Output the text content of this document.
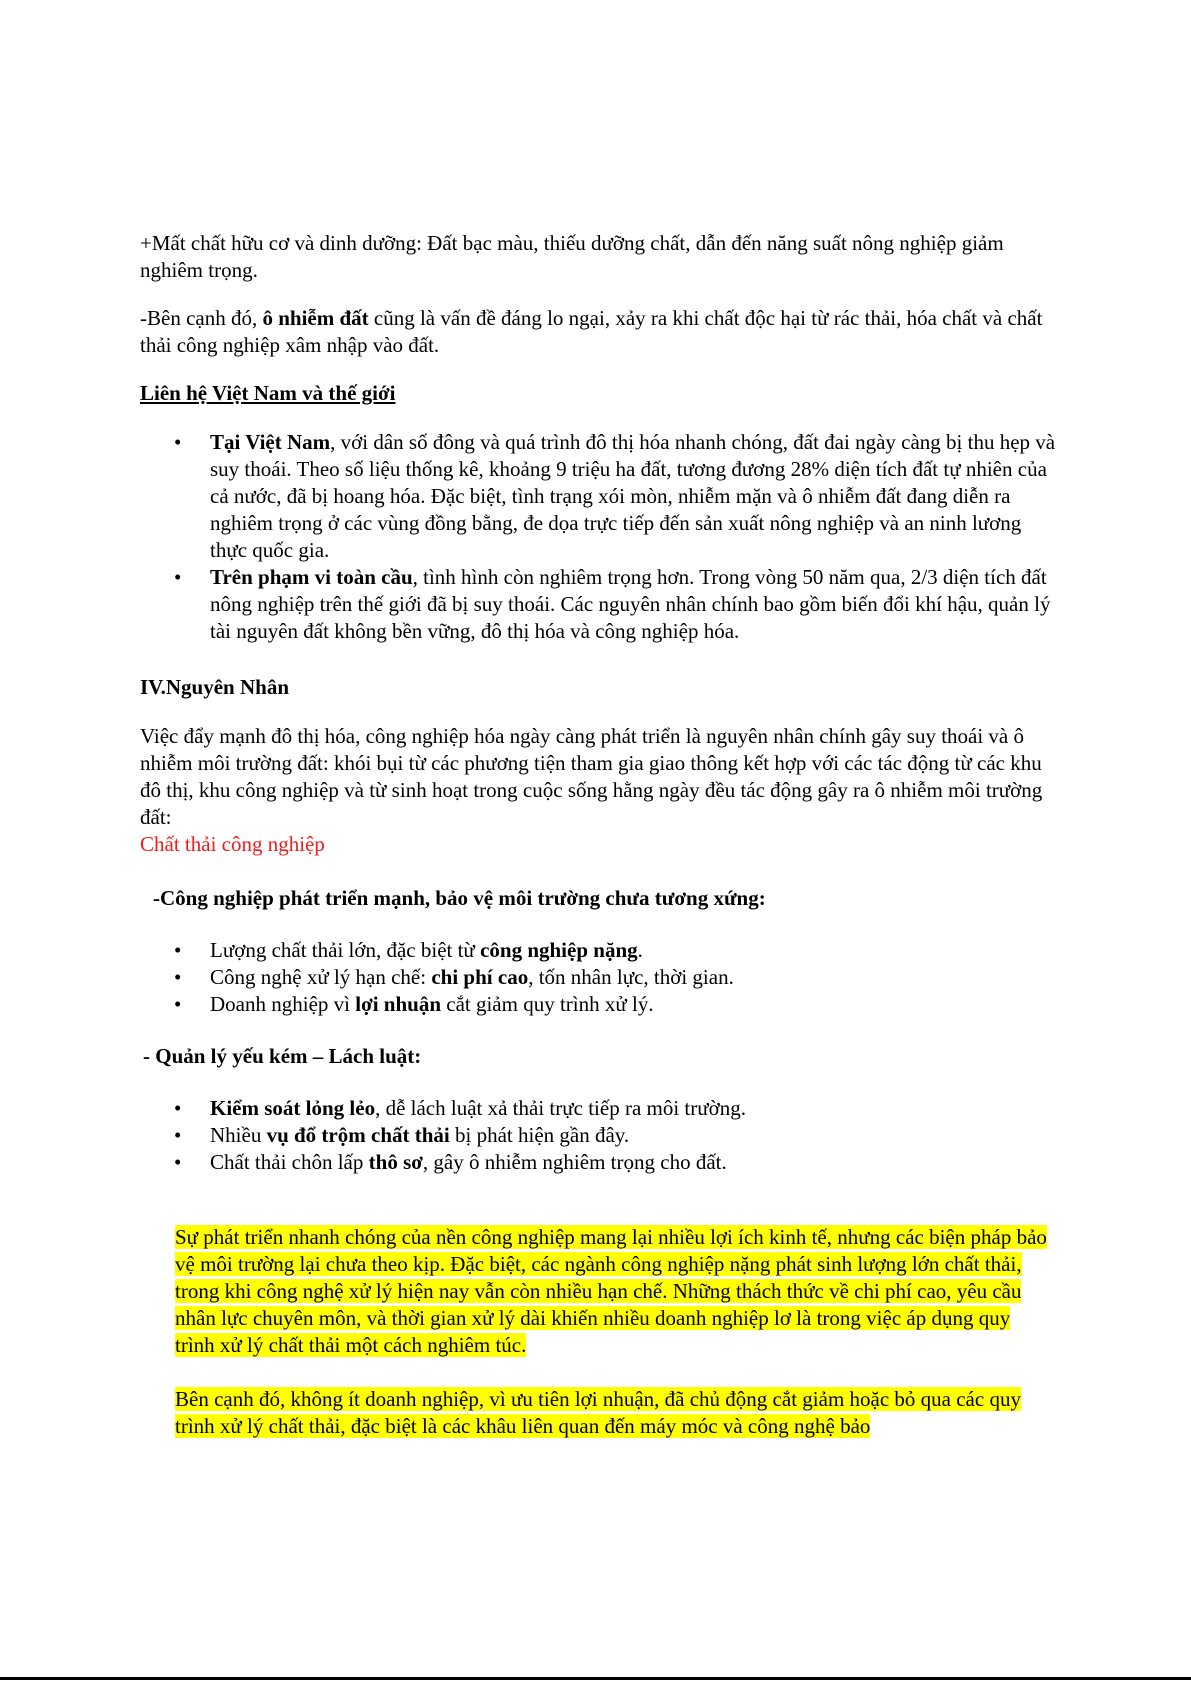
+Mất chất hữu cơ và dinh dưỡng: Đất bạc màu, thiếu dưỡng chất, dẫn đến năng suất nông nghiệp giảm nghiêm trọng.

-Bên cạnh đó, ô nhiễm đất cũng là vấn đề đáng lo ngại, xảy ra khi chất độc hại từ rác thải, hóa chất và chất thải công nghiệp xâm nhập vào đất.

Liên hệ Việt Nam và thế giới

• Tại Việt Nam, với dân số đông và quá trình đô thị hóa nhanh chóng, đất đai ngày càng bị thu hẹp và suy thoái. Theo số liệu thống kê, khoảng 9 triệu ha đất, tương đương 28% diện tích đất tự nhiên của cả nước, đã bị hoang hóa. Đặc biệt, tình trạng xói mòn, nhiễm mặn và ô nhiễm đất đang diễn ra nghiêm trọng ở các vùng đồng bằng, đe dọa trực tiếp đến sản xuất nông nghiệp và an ninh lương thực quốc gia.
• Trên phạm vi toàn cầu, tình hình còn nghiêm trọng hơn. Trong vòng 50 năm qua, 2/3 diện tích đất nông nghiệp trên thế giới đã bị suy thoái. Các nguyên nhân chính bao gồm biến đổi khí hậu, quản lý tài nguyên đất không bền vững, đô thị hóa và công nghiệp hóa.

IV.Nguyên Nhân

Việc đẩy mạnh đô thị hóa, công nghiệp hóa ngày càng phát triển là nguyên nhân chính gây suy thoái và ô nhiễm môi trường đất: khói bụi từ các phương tiện tham gia giao thông kết hợp với các tác động từ các khu đô thị, khu công nghiệp và từ sinh hoạt trong cuộc sống hằng ngày đều tác động gây ra ô nhiễm môi trường đất:

Chất thải công nghiệp

-Công nghiệp phát triển mạnh, bảo vệ môi trường chưa tương xứng:

• Lượng chất thải lớn, đặc biệt từ công nghiệp nặng.
• Công nghệ xử lý hạn chế: chi phí cao, tốn nhân lực, thời gian.
• Doanh nghiệp vì lợi nhuận cắt giảm quy trình xử lý.

- Quản lý yếu kém – Lách luật:

• Kiểm soát lỏng lẻo, dễ lách luật xả thải trực tiếp ra môi trường.
• Nhiều vụ đổ trộm chất thải bị phát hiện gần đây.
• Chất thải chôn lấp thô sơ, gây ô nhiễm nghiêm trọng cho đất.

Sự phát triển nhanh chóng của nền công nghiệp mang lại nhiều lợi ích kinh tế, nhưng các biện pháp bảo vệ môi trường lại chưa theo kịp. Đặc biệt, các ngành công nghiệp nặng phát sinh lượng lớn chất thải, trong khi công nghệ xử lý hiện nay vẫn còn nhiều hạn chế. Những thách thức về chi phí cao, yêu cầu nhân lực chuyên môn, và thời gian xử lý dài khiến nhiều doanh nghiệp lơ là trong việc áp dụng quy trình xử lý chất thải một cách nghiêm túc.

Bên cạnh đó, không ít doanh nghiệp, vì ưu tiên lợi nhuận, đã chủ động cắt giảm hoặc bỏ qua các quy trình xử lý chất thải, đặc biệt là các khâu liên quan đến máy móc và công nghệ bảo
